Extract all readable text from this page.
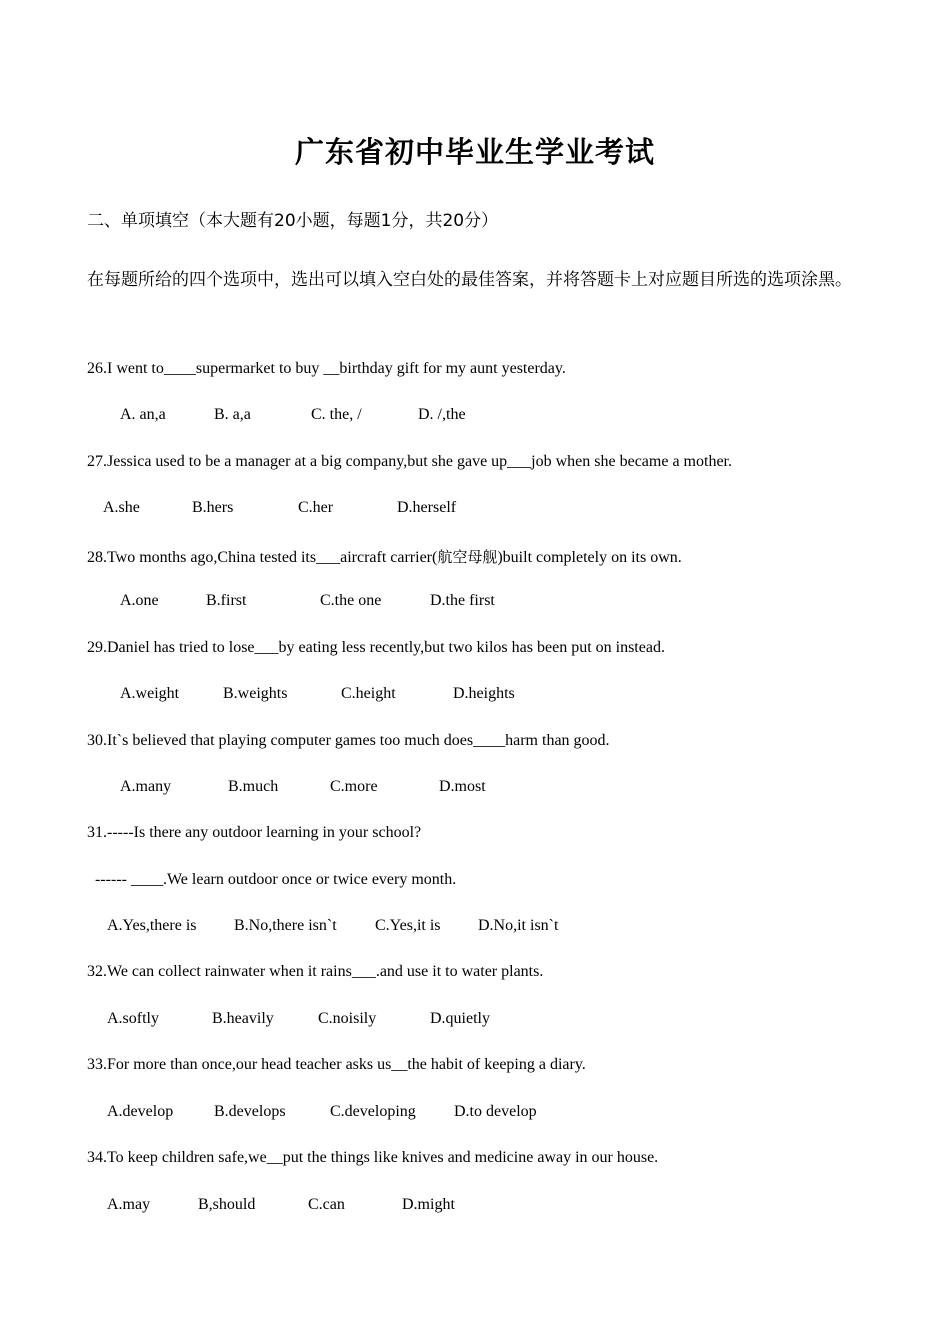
广东省初中毕业生学业考试
二、单项填空（本大题有20小题，每题1分，共20分）
在每题所给的四个选项中，选出可以填入空白处的最佳答案，并将答题卡上对应题目所选的选项涂黑。
26.I went to____supermarket to buy __birthday gift for my aunt yesterday.
A. an,a	B. a,a	C. the, /	D. /,the
27.Jessica used to be a manager at a big company,but she gave up___job when she became a mother.
A.she	B.hers	C.her	D.herself
28.Two months ago,China tested its___aircraft carrier(航空母舰)built completely on its own.
A.one	B.first	C.the one	D.the first
29.Daniel has tried to lose___by eating less recently,but two kilos has been put on instead.
A.weight	B.weights	C.height	D.heights
30.It`s believed that playing computer games too much does____harm than good.
A.many	B.much	C.more	D.most
31.-----Is there any outdoor learning in your school?
------ ____.We learn outdoor once or twice every month.
A.Yes,there is B.No,there isn`t C.Yes,it is D.No,it isn`t
32.We can collect rainwater when it rains___.and use it to water plants.
A.softly	B.heavily	C.noisily	D.quietly
33.For more than once,our head teacher asks us__the habit of keeping a diary.
A.develop	B.develops	C.developing D.to develop
34.To keep children safe,we__put the things like knives and medicine away in our house.
A.may	B,should	C.can	D.might
